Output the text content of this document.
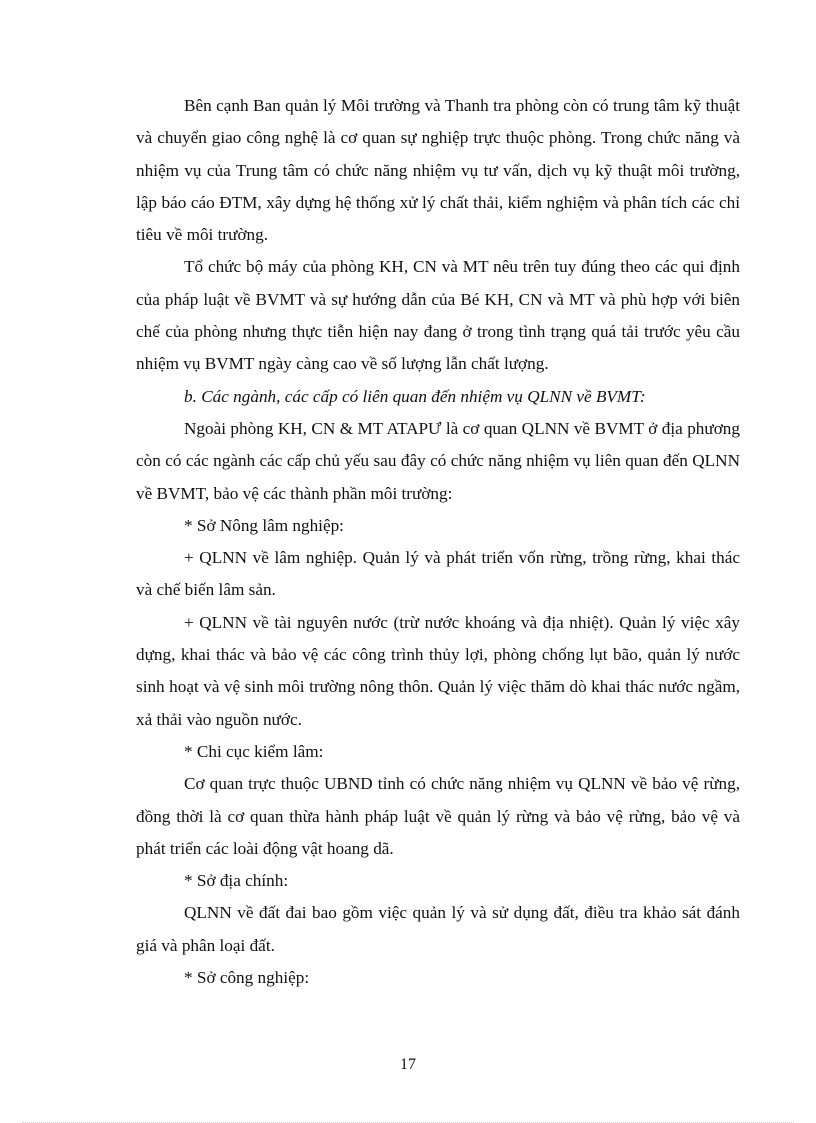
Bên cạnh Ban quản lý Môi trường và Thanh tra phòng còn có trung tâm kỹ thuật và chuyển giao công nghệ là cơ quan sự nghiệp trực thuộc phòng. Trong chức năng và nhiệm vụ của Trung tâm có chức năng nhiệm vụ tư vấn, dịch vụ kỹ thuật môi trường, lập báo cáo ĐTM, xây dựng hệ thống xử lý chất thải, kiểm nghiệm và phân tích các chỉ tiêu về môi trường.

Tổ chức bộ máy của phòng KH, CN và MT nêu trên tuy đúng theo các qui định của pháp luật về BVMT và sự hướng dẫn của Bé KH, CN và MT và phù hợp với biên chế của phòng nhưng thực tiễn hiện nay đang ở trong tình trạng quá tải trước yêu cầu nhiệm vụ BVMT ngày càng cao về số lượng lẫn chất lượng.

b. Các ngành, các cấp có liên quan đến nhiệm vụ QLNN về BVMT:

Ngoài phòng KH, CN & MT ATAPƯ là cơ quan QLNN về BVMT ở địa phương còn có các ngành các cấp chủ yếu sau đây có chức năng nhiệm vụ liên quan đến QLNN về BVMT, bảo vệ các thành phần môi trường:

* Sở Nông lâm nghiệp:

+ QLNN về lâm nghiệp. Quản lý và phát triển vốn rừng, trồng rừng, khai thác và chế biến lâm sản.

+ QLNN về tài nguyên nước (trừ nước khoáng và địa nhiệt). Quản lý việc xây dựng, khai thác và bảo vệ các công trình thủy lợi, phòng chống lụt bão, quản lý nước sinh hoạt và vệ sinh môi trường nông thôn. Quản lý việc thăm dò khai thác nước ngầm, xả thải vào nguồn nước.

* Chi cục kiểm lâm:

Cơ quan trực thuộc UBND tỉnh có chức năng nhiệm vụ QLNN về bảo vệ rừng, đồng thời là cơ quan thừa hành pháp luật về quản lý rừng và bảo vệ rừng, bảo vệ và phát triển các loài động vật hoang dã.

* Sở địa chính:

QLNN về đất đai bao gồm việc quản lý và sử dụng đất, điều tra khảo sát đánh giá và phân loại đất.

* Sở công nghiệp:

17
